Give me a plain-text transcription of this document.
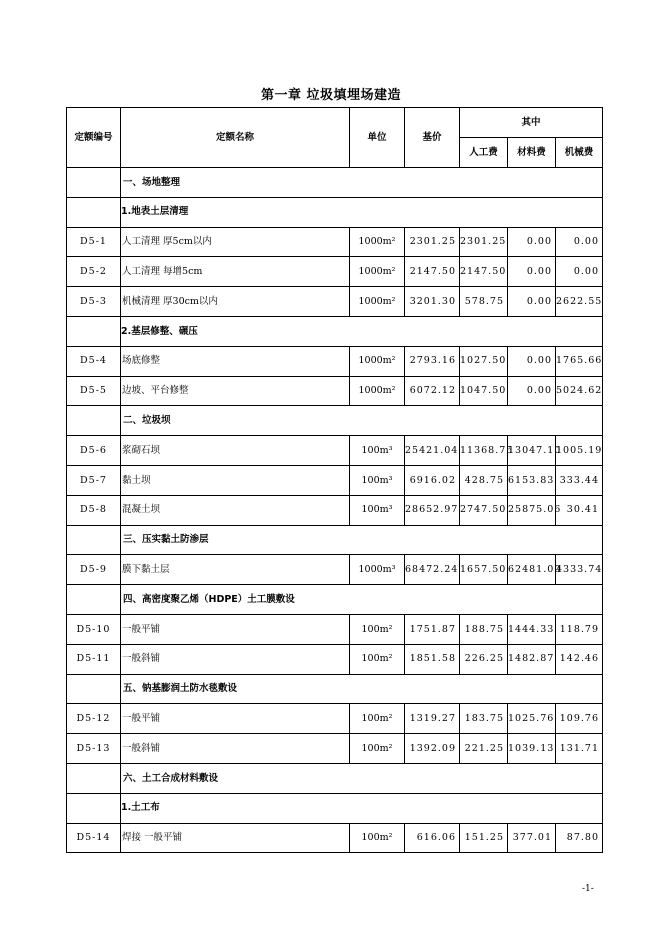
第一章 垃圾填埋场建造
定额编号	定额名称	单位	基价	其中		
				人工费	材料费	机械费
	一、场地整理					
	1.地表土层清理					
D5-1	人工清理 厚5cm以内	1000m²	2301.25	2301.25	0.00	0.00
D5-2	人工清理 每增5cm	1000m²	2147.50	2147.50	0.00	0.00
D5-3	机械清理 厚30cm以内	1000m²	3201.30	578.75	0.00	2622.55
	2.基层修整、碾压					
D5-4	场底修整	1000m²	2793.16	1027.50	0.00	1765.66
D5-5	边坡、平台修整	1000m²	6072.12	1047.50	0.00	5024.62
	二、垃圾坝					
D5-6	浆砌石坝	100m³	25421.04	11368.75	13047.10	1005.19
D5-7	黏土坝	100m³	6916.02	428.75	6153.83	333.44
D5-8	混凝土坝	100m³	28652.97	2747.50	25875.06	30.41
	三、压实黏土防渗层					
D5-9	膜下黏土层	1000m³	68472.24	1657.50	62481.00	4333.74
	四、高密度聚乙烯（HDPE）土工膜敷设					
D5-10	一般平铺	100m²	1751.87	188.75	1444.33	118.79
D5-11	一般斜铺	100m²	1851.58	226.25	1482.87	142.46
	五、钠基膨润土防水毯敷设					
D5-12	一般平铺	100m²	1319.27	183.75	1025.76	109.76
D5-13	一般斜铺	100m²	1392.09	221.25	1039.13	131.71
	六、土工合成材料敷设					
	1.土工布					
D5-14	焊接 一般平铺	100m²	616.06	151.25	377.01	87.80
-1-
